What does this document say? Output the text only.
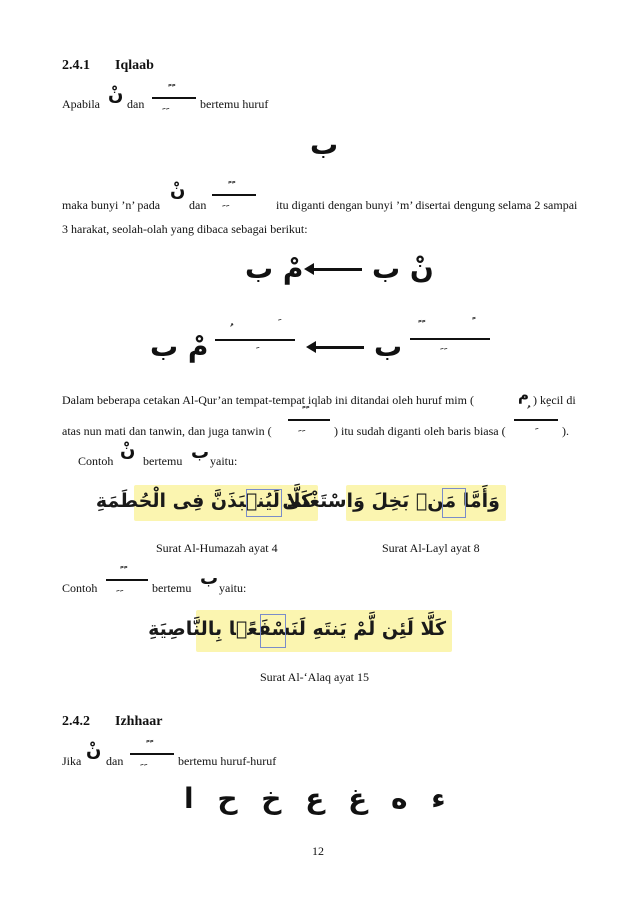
2.4.1 Iqlaab
Apabila نْ dan
ﹰﹰ
ﹺﹺ	bertemu huruf
ب
maka bunyi ’n’ pada
نْ
dan
ﹰﹰ
ﹺﹺ	itu diganti dengan bunyi ’m’ disertai dengung selama 2 sampai
3 harakat, seolah-olah yang dibaca sebagai berikut:
مْ ب نْ ب
مْ ب	ب
ﹰﹰ	ﹰ
ﹺﹺ
Dalam beberapa cetakan Al-Qur’an tempat-tempat iqlab ini ditandai oleh huruf mim (	م ) kecil di
atas nun mati dan tanwin, dan juga tanwin (
ﹰﹰ
ﹺﹺ ) itu sudah diganti oleh baris biasa (	).
Contoh نْ bertemu ب yaitu:
كَلَّا لَيُنۢبَذَنَّ فِى الْحُطَمَةِ
وَأَمَّا مَنۢ بَخِلَ وَاسْتَغْنَىٰ
Surat Al-Humazah ayat 4	Surat Al-Layl ayat 8
Contoh
ﹰﹰ
ﹺﹺ bertemu ب yaitu:
كَلَّا لَئِن لَّمْ يَنتَهِ لَنَسْفَعًۢا بِالنَّاصِيَةِ
Surat Al-‘Alaq ayat 15
2.4.2 Izhhaar
Jika نْ dan
ﹰﹰ
ﹺﹺ	bertemu huruf-huruf
ء ه غ ع خ ح ا
12
